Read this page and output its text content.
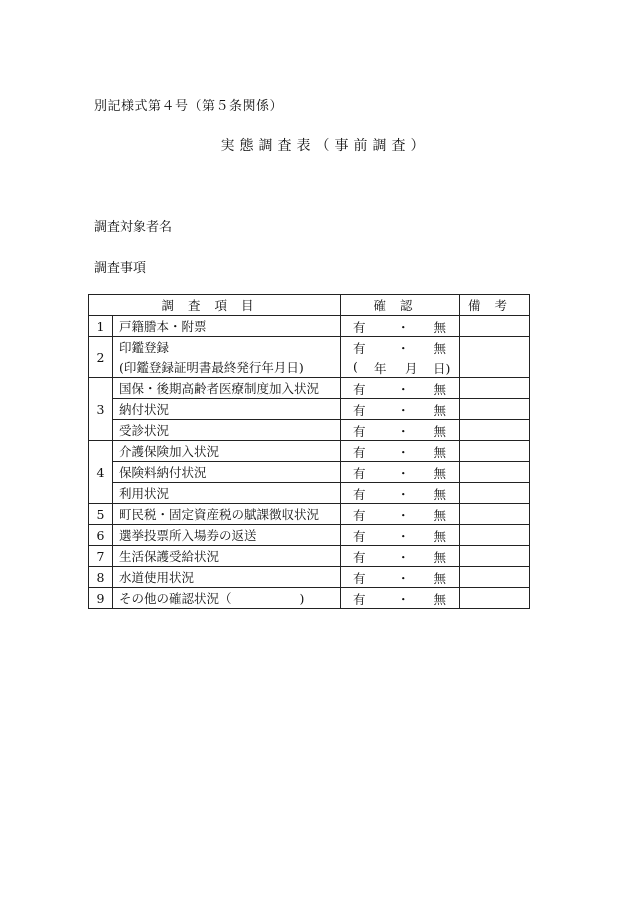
別記様式第４号（第５条関係）
実態調査表（事前調査）
調査対象者名
調査事項
調査項目		確認	備考
1	戸籍謄本・附票	有 ・ 無	

2	印鑑登録	有 ・ 無	

	(印鑑登録証明書最終発行年月日)	( 年 月 日)	

3	国保・後期高齢者医療制度加入状況	有 ・ 無	

	納付状況	有 ・ 無	

	受診状況	有 ・ 無	

4	介護保険加入状況	有 ・ 無	

	保険料納付状況	有 ・ 無	

	利用状況	有 ・ 無	

5	町民税・固定資産税の賦課徴収状況	有 ・ 無	

6	選挙投票所入場券の返送	有 ・ 無	

7	生活保護受給状況	有 ・ 無	

8	水道使用状況	有 ・ 無	

9	その他の確認状況（ )	有 ・ 無	
